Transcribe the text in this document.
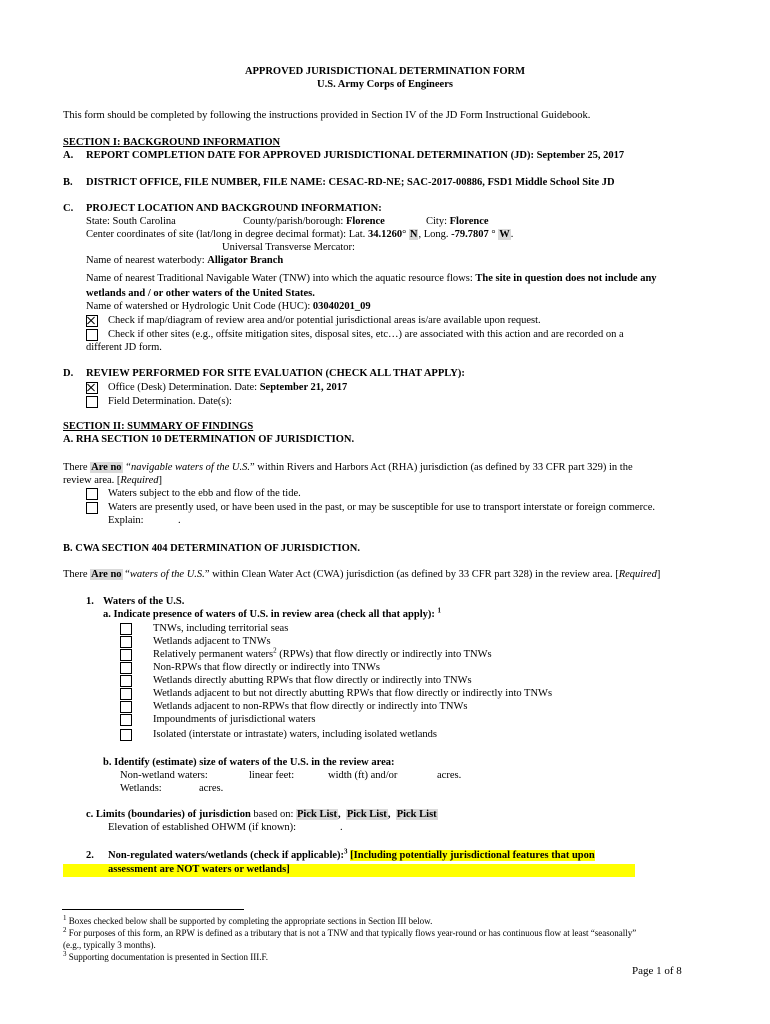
APPROVED JURISDICTIONAL DETERMINATION FORM
U.S. Army Corps of Engineers
This form should be completed by following the instructions provided in Section IV of the JD Form Instructional Guidebook.
SECTION I: BACKGROUND INFORMATION
A. REPORT COMPLETION DATE FOR APPROVED JURISDICTIONAL DETERMINATION (JD): September 25, 2017
B. DISTRICT OFFICE, FILE NUMBER, FILE NAME: CESAC-RD-NE; SAC-2017-00886, FSD1 Middle School Site JD
C. PROJECT LOCATION AND BACKGROUND INFORMATION:
State: South Carolina	County/parish/borough: Florence	City: Florence
Center coordinates of site (lat/long in degree decimal format): Lat. 34.1260° N, Long. -79.7807 ° W.
Universal Transverse Mercator:
Name of nearest waterbody: Alligator Branch
Name of nearest Traditional Navigable Water (TNW) into which the aquatic resource flows: The site in question does not include any
wetlands and / or other waters of the United States.
Name of watershed or Hydrologic Unit Code (HUC): 03040201_09
Check if map/diagram of review area and/or potential jurisdictional areas is/are available upon request.
Check if other sites (e.g., offsite mitigation sites, disposal sites, etc…) are associated with this action and are recorded on a
different JD form.
D. REVIEW PERFORMED FOR SITE EVALUATION (CHECK ALL THAT APPLY):
Office (Desk) Determination. Date: September 21, 2017
Field Determination. Date(s):
SECTION II: SUMMARY OF FINDINGS
A. RHA SECTION 10 DETERMINATION OF JURISDICTION.
There Are no “navigable waters of the U.S.” within Rivers and Harbors Act (RHA) jurisdiction (as defined by 33 CFR part 329) in the
review area. [Required]
Waters subject to the ebb and flow of the tide.
Waters are presently used, or have been used in the past, or may be susceptible for use to transport interstate or foreign commerce.
Explain:	.
B. CWA SECTION 404 DETERMINATION OF JURISDICTION.
There Are no “waters of the U.S.” within Clean Water Act (CWA) jurisdiction (as defined by 33 CFR part 328) in the review area. [Required]
1. Waters of the U.S.
a. Indicate presence of waters of U.S. in review area (check all that apply): $^1$
TNWs, including territorial seas
Wetlands adjacent to TNWs
Relatively permanent waters$^2$ (RPWs) that flow directly or indirectly into TNWs
Non-RPWs that flow directly or indirectly into TNWs
Wetlands directly abutting RPWs that flow directly or indirectly into TNWs
Wetlands adjacent to but not directly abutting RPWs that flow directly or indirectly into TNWs
Wetlands adjacent to non-RPWs that flow directly or indirectly into TNWs
Impoundments of jurisdictional waters
Isolated (interstate or intrastate) waters, including isolated wetlands
b. Identify (estimate) size of waters of the U.S. in the review area:
Non-wetland waters:	linear feet:	width (ft) and/or	acres.
Wetlands:	acres.
c. Limits (boundaries) of jurisdiction based on: Pick List, Pick List, Pick List
Elevation of established OHWM (if known):	.
2. Non-regulated waters/wetlands (check if applicable):$^3$ [Including potentially jurisdictional features that upon
assessment are NOT waters or wetlands]
$^1$ Boxes checked below shall be supported by completing the appropriate sections in Section III below.
$^2$ For purposes of this form, an RPW is defined as a tributary that is not a TNW and that typically flows year-round or has continuous flow at least “seasonally”
(e.g., typically 3 months).
$^3$ Supporting documentation is presented in Section III.F.
Page 1 of 8
